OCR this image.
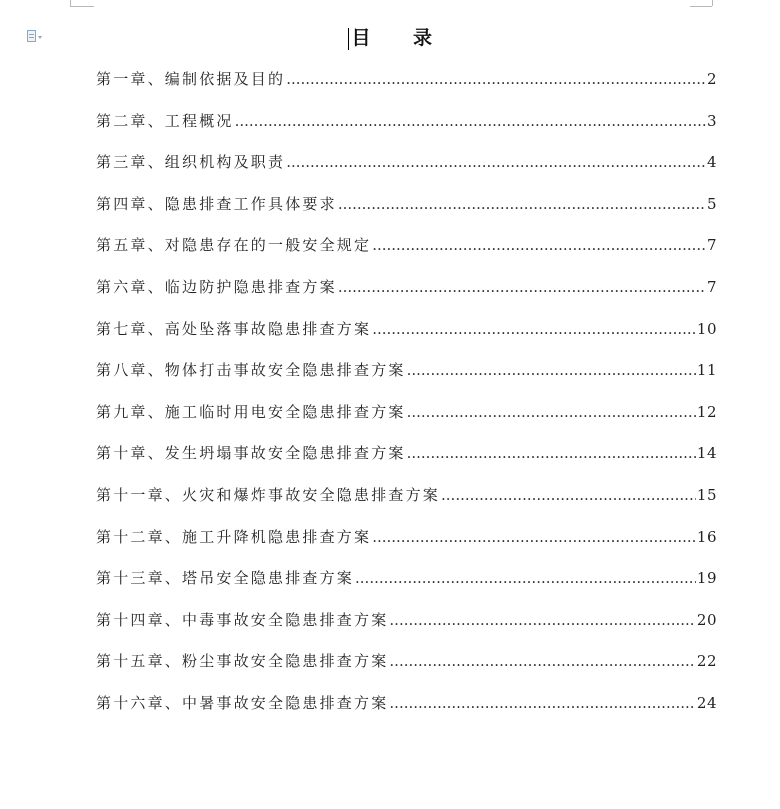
目 录
第一章、编制依据及目的 .....	2
第二章、工程概况 .....	3
第三章、组织机构及职责 .....	4
第四章、隐患排查工作具体要求 .....	5
第五章、对隐患存在的一般安全规定 .....	7
第六章、临边防护隐患排查方案 .....	7
第七章、高处坠落事故隐患排查方案 .....	10
第八章、物体打击事故安全隐患排查方案 .....	11
第九章、施工临时用电安全隐患排查方案 .....	12
第十章、发生坍塌事故安全隐患排查方案 .....	14
第十一章、火灾和爆炸事故安全隐患排查方案 .....	15
第十二章、施工升降机隐患排查方案 .....	16
第十三章、塔吊安全隐患排查方案 .....	19
第十四章、中毒事故安全隐患排查方案 .....	20
第十五章、粉尘事故安全隐患排查方案 .....	22
第十六章、中暑事故安全隐患排查方案 .....	24
